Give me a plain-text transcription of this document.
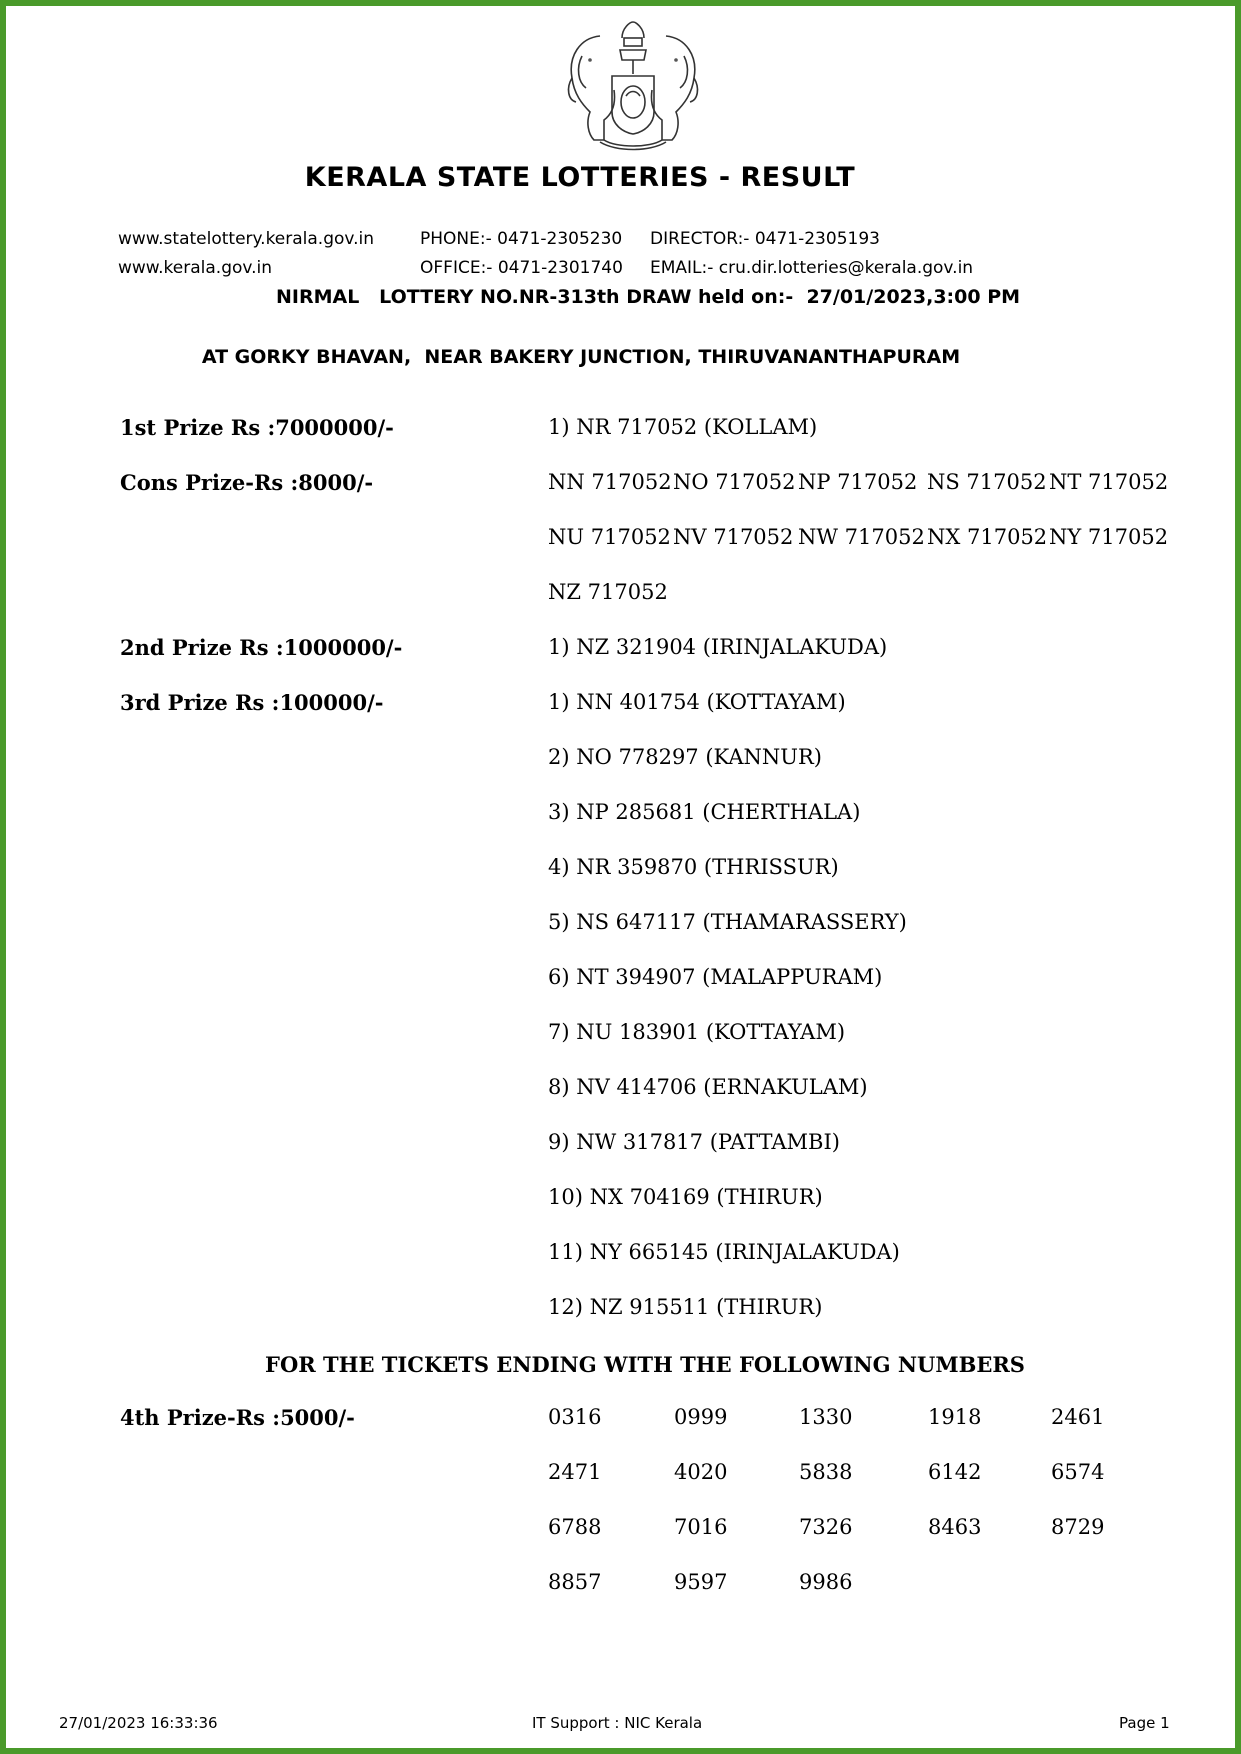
KERALA STATE LOTTERIES - RESULT
www.statelottery.kerala.gov.in
www.kerala.gov.in
PHONE:- 0471-2305230
OFFICE:- 0471-2301740
DIRECTOR:- 0471-2305193
EMAIL:- cru.dir.lotteries@kerala.gov.in
NIRMAL   LOTTERY NO.NR-313th DRAW held on:-  27/01/2023,3:00 PM
AT GORKY BHAVAN,  NEAR BAKERY JUNCTION, THIRUVANANTHAPURAM
1st Prize Rs :7000000/-	1) NR 717052 (KOLLAM)
Cons Prize-Rs :8000/-	NN 717052 NO 717052 NP 717052 NS 717052 NT 717052
NU 717052 NV 717052 NW 717052 NX 717052 NY 717052
NZ 717052
2nd Prize Rs :1000000/-	1) NZ 321904 (IRINJALAKUDA)
3rd Prize Rs :100000/-	1) NN 401754 (KOTTAYAM)
2) NO 778297 (KANNUR)
3) NP 285681 (CHERTHALA)
4) NR 359870 (THRISSUR)
5) NS 647117 (THAMARASSERY)
6) NT 394907 (MALAPPURAM)
7) NU 183901 (KOTTAYAM)
8) NV 414706 (ERNAKULAM)
9) NW 317817 (PATTAMBI)
10) NX 704169 (THIRUR)
11) NY 665145 (IRINJALAKUDA)
12) NZ 915511 (THIRUR)
FOR THE TICKETS ENDING WITH THE FOLLOWING NUMBERS
4th Prize-Rs :5000/-	0316	0999	1330	1918	2461
2471	4020	5838	6142	6574
6788	7016	7326	8463	8729
8857	9597	9986
27/01/2023 16:33:36	IT Support : NIC Kerala	Page 1
